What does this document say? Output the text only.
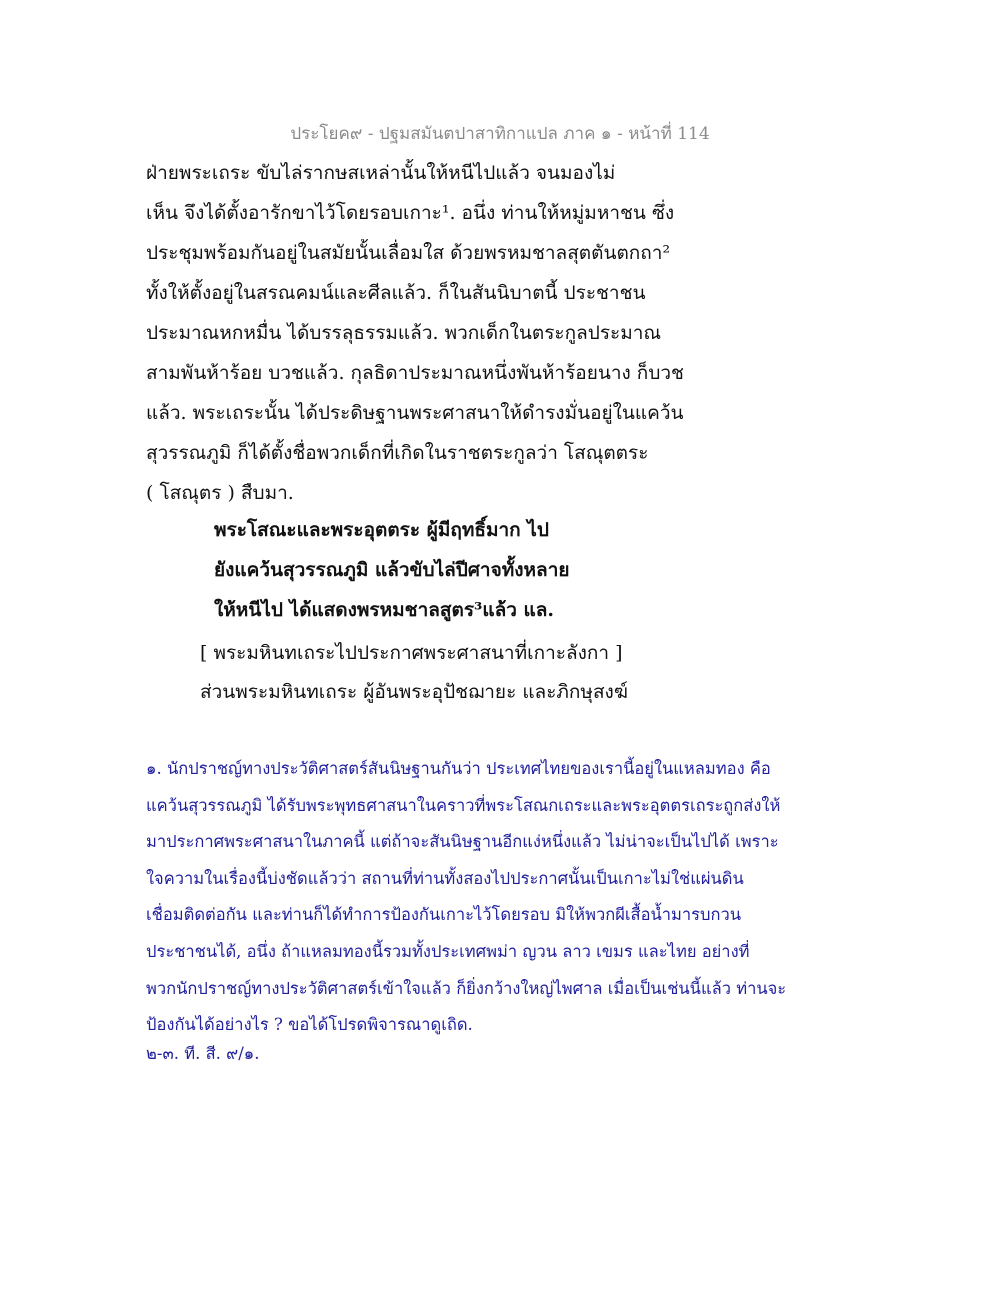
ประโยค๙ - ปฐมสมันตปาสาทิกาแปล ภาค ๑ - หน้าที่ 114
ฝ่ายพระเถระ ขับไล่รากษสเหล่านั้นให้หนีไปแล้ว จนมองไม่
เห็น จึงได้ตั้งอารักขาไว้โดยรอบเกาะ¹. อนึ่ง ท่านให้หมู่มหาชน ซึ่ง
ประชุมพร้อมกันอยู่ในสมัยนั้นเลื่อมใส ด้วยพรหมชาลสุตตันตกถา²
ทั้งให้ตั้งอยู่ในสรณคมน์และศีลแล้ว. ก็ในสันนิบาตนี้ ประชาชน
ประมาณหกหมื่น ได้บรรลุธรรมแล้ว. พวกเด็กในตระกูลประมาณ
สามพันห้าร้อย บวชแล้ว. กุลธิดาประมาณหนึ่งพันห้าร้อยนาง ก็บวช
แล้ว. พระเถระนั้น ได้ประดิษฐานพระศาสนาให้ดำรงมั่นอยู่ในแคว้น
สุวรรณภูมิ ก็ได้ตั้งชื่อพวกเด็กที่เกิดในราชตระกูลว่า โสณุตตระ
( โสณุตร ) สืบมา.
พระโสณะและพระอุตตระ ผู้มีฤทธิ์มาก ไป
ยังแคว้นสุวรรณภูมิ แล้วขับไล่ปีศาจทั้งหลาย
ให้หนีไป ได้แสดงพรหมชาลสูตร³แล้ว แล.
[ พระมหินทเถระไปประกาศพระศาสนาที่เกาะลังกา ]
ส่วนพระมหินทเถระ ผู้อันพระอุปัชฌายะ และภิกษุสงฆ์
๑. นักปราชญ์ทางประวัติศาสตร์สันนิษฐานกันว่า ประเทศไทยของเรานี้อยู่ในแหลมทอง คือ
แคว้นสุวรรณภูมิ ได้รับพระพุทธศาสนาในคราวที่พระโสณกเถระและพระอุตตรเถระถูกส่งให้
มาประกาศพระศาสนาในภาคนี้ แต่ถ้าจะสันนิษฐานอีกแง่หนึ่งแล้ว ไม่น่าจะเป็นไปได้ เพราะ
ใจความในเรื่องนี้บ่งชัดแล้วว่า สถานที่ท่านทั้งสองไปประกาศนั้นเป็นเกาะไม่ใช่แผ่นดิน
เชื่อมติดต่อกัน และท่านก็ได้ทำการป้องกันเกาะไว้โดยรอบ มิให้พวกผีเสื้อน้ำมารบกวน
ประชาชนได้, อนึ่ง ถ้าแหลมทองนี้รวมทั้งประเทศพม่า ญวน ลาว เขมร และไทย อย่างที่
พวกนักปราชญ์ทางประวัติศาสตร์เข้าใจแล้ว ก็ยิ่งกว้างใหญ่ไพศาล เมื่อเป็นเช่นนี้แล้ว ท่านจะ
ป้องกันได้อย่างไร ? ขอได้โปรดพิจารณาดูเถิด.
๒-๓. ที. สี. ๙/๑.
